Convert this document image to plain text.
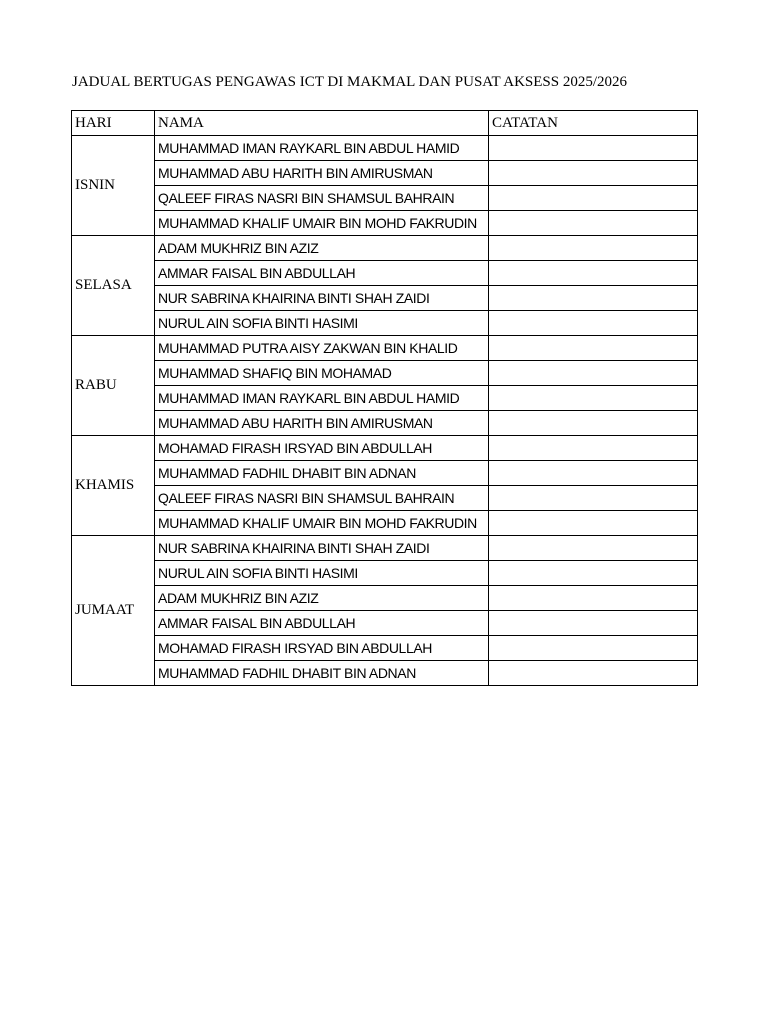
JADUAL BERTUGAS PENGAWAS ICT DI MAKMAL DAN PUSAT AKSESS 2025/2026
HARI	NAMA	CATATAN
ISNIN	MUHAMMAD IMAN RAYKARL BIN ABDUL HAMID	
	MUHAMMAD ABU HARITH BIN AMIRUSMAN	
	QALEEF FIRAS NASRI BIN SHAMSUL BAHRAIN	
	MUHAMMAD KHALIF UMAIR BIN MOHD FAKRUDIN	
SELASA	ADAM MUKHRIZ BIN AZIZ	
	AMMAR FAISAL BIN ABDULLAH	
	NUR SABRINA KHAIRINA BINTI SHAH ZAIDI	
	NURUL AIN SOFIA BINTI HASIMI	
RABU	MUHAMMAD PUTRA AISY ZAKWAN BIN KHALID	
	MUHAMMAD SHAFIQ BIN MOHAMAD	
	MUHAMMAD IMAN RAYKARL BIN ABDUL HAMID	
	MUHAMMAD ABU HARITH BIN AMIRUSMAN	
KHAMIS	MOHAMAD FIRASH IRSYAD BIN ABDULLAH	
	MUHAMMAD FADHIL DHABIT BIN ADNAN	
	QALEEF FIRAS NASRI BIN SHAMSUL BAHRAIN	
	MUHAMMAD KHALIF UMAIR BIN MOHD FAKRUDIN	
JUMAAT	NUR SABRINA KHAIRINA BINTI SHAH ZAIDI	
	NURUL AIN SOFIA BINTI HASIMI	
	ADAM MUKHRIZ BIN AZIZ	
	AMMAR FAISAL BIN ABDULLAH	
	MOHAMAD FIRASH IRSYAD BIN ABDULLAH	
	MUHAMMAD FADHIL DHABIT BIN ADNAN	
